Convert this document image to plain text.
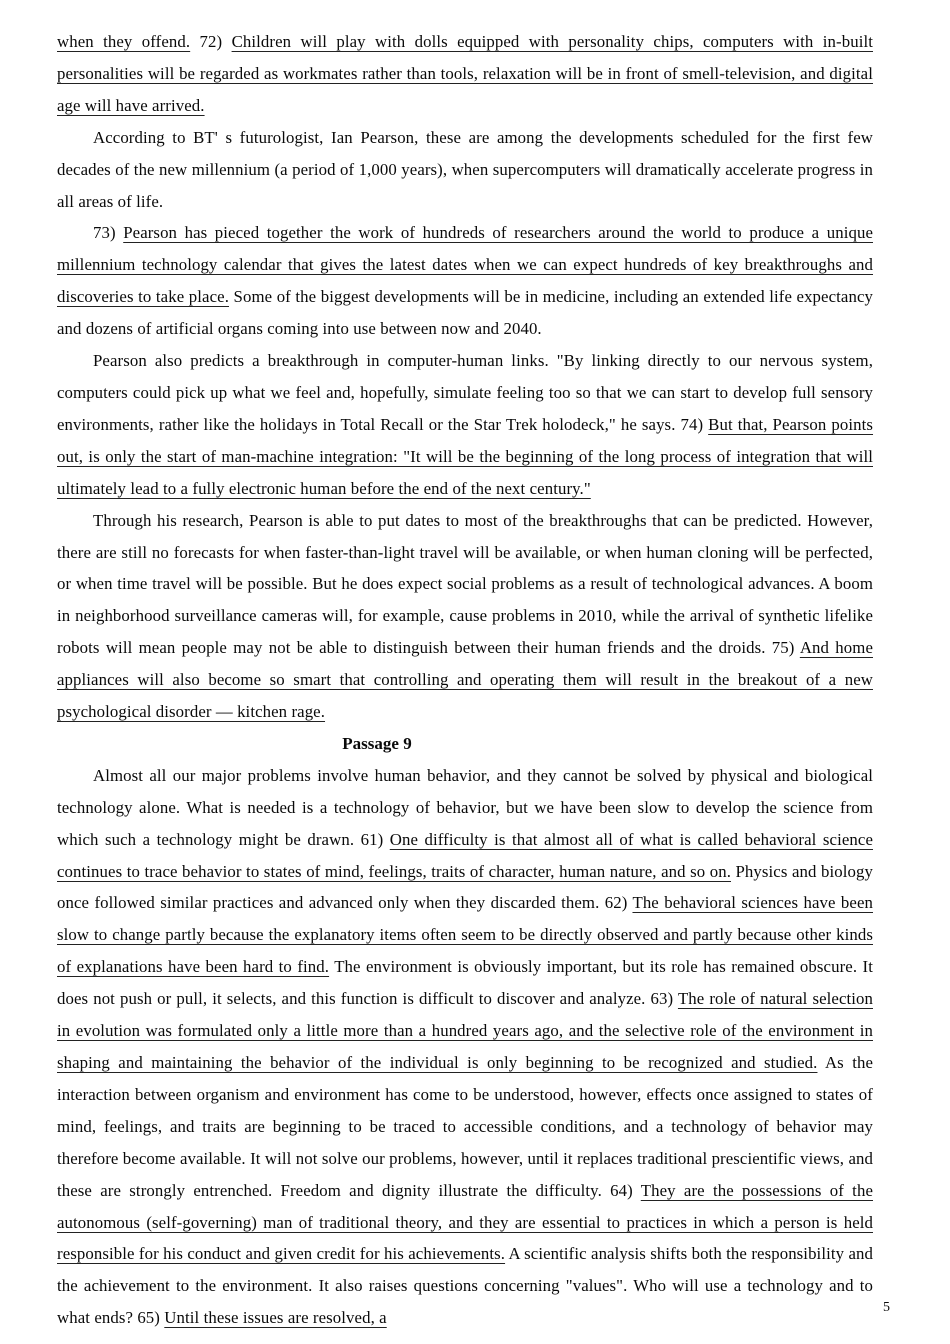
when they offend. 72) Children will play with dolls equipped with personality chips, computers with in-built personalities will be regarded as workmates rather than tools, relaxation will be in front of smell-television, and digital age will have arrived.

According to BT' s futurologist, Ian Pearson, these are among the developments scheduled for the first few decades of the new millennium (a period of 1,000 years), when supercomputers will dramatically accelerate progress in all areas of life.

73) Pearson has pieced together the work of hundreds of researchers around the world to produce a unique millennium technology calendar that gives the latest dates when we can expect hundreds of key breakthroughs and discoveries to take place. Some of the biggest developments will be in medicine, including an extended life expectancy and dozens of artificial organs coming into use between now and 2040.

Pearson also predicts a breakthrough in computer-human links. "By linking directly to our nervous system, computers could pick up what we feel and, hopefully, simulate feeling too so that we can start to develop full sensory environments, rather like the holidays in Total Recall or the Star Trek holodeck," he says. 74) But that, Pearson points out, is only the start of man-machine integration: "It will be the beginning of the long process of integration that will ultimately lead to a fully electronic human before the end of the next century."

Through his research, Pearson is able to put dates to most of the breakthroughs that can be predicted. However, there are still no forecasts for when faster-than-light travel will be available, or when human cloning will be perfected, or when time travel will be possible. But he does expect social problems as a result of technological advances. A boom in neighborhood surveillance cameras will, for example, cause problems in 2010, while the arrival of synthetic lifelike robots will mean people may not be able to distinguish between their human friends and the droids. 75) And home appliances will also become so smart that controlling and operating them will result in the breakout of a new psychological disorder — kitchen rage.

Passage 9

Almost all our major problems involve human behavior, and they cannot be solved by physical and biological technology alone. What is needed is a technology of behavior, but we have been slow to develop the science from which such a technology might be drawn. 61) One difficulty is that almost all of what is called behavioral science continues to trace behavior to states of mind, feelings, traits of character, human nature, and so on. Physics and biology once followed similar practices and advanced only when they discarded them. 62) The behavioral sciences have been slow to change partly because the explanatory items often seem to be directly observed and partly because other kinds of explanations have been hard to find. The environment is obviously important, but its role has remained obscure. It does not push or pull, it selects, and this function is difficult to discover and analyze. 63) The role of natural selection in evolution was formulated only a little more than a hundred years ago, and the selective role of the environment in shaping and maintaining the behavior of the individual is only beginning to be recognized and studied. As the interaction between organism and environment has come to be understood, however, effects once assigned to states of mind, feelings, and traits are beginning to be traced to accessible conditions, and a technology of behavior may therefore become available. It will not solve our problems, however, until it replaces traditional prescientific views, and these are strongly entrenched. Freedom and dignity illustrate the difficulty. 64) They are the possessions of the autonomous (self-governing) man of traditional theory, and they are essential to practices in which a person is held responsible for his conduct and given credit for his achievements. A scientific analysis shifts both the responsibility and the achievement to the environment. It also raises questions concerning "values". Who will use a technology and to what ends? 65) Until these issues are resolved, a

5
